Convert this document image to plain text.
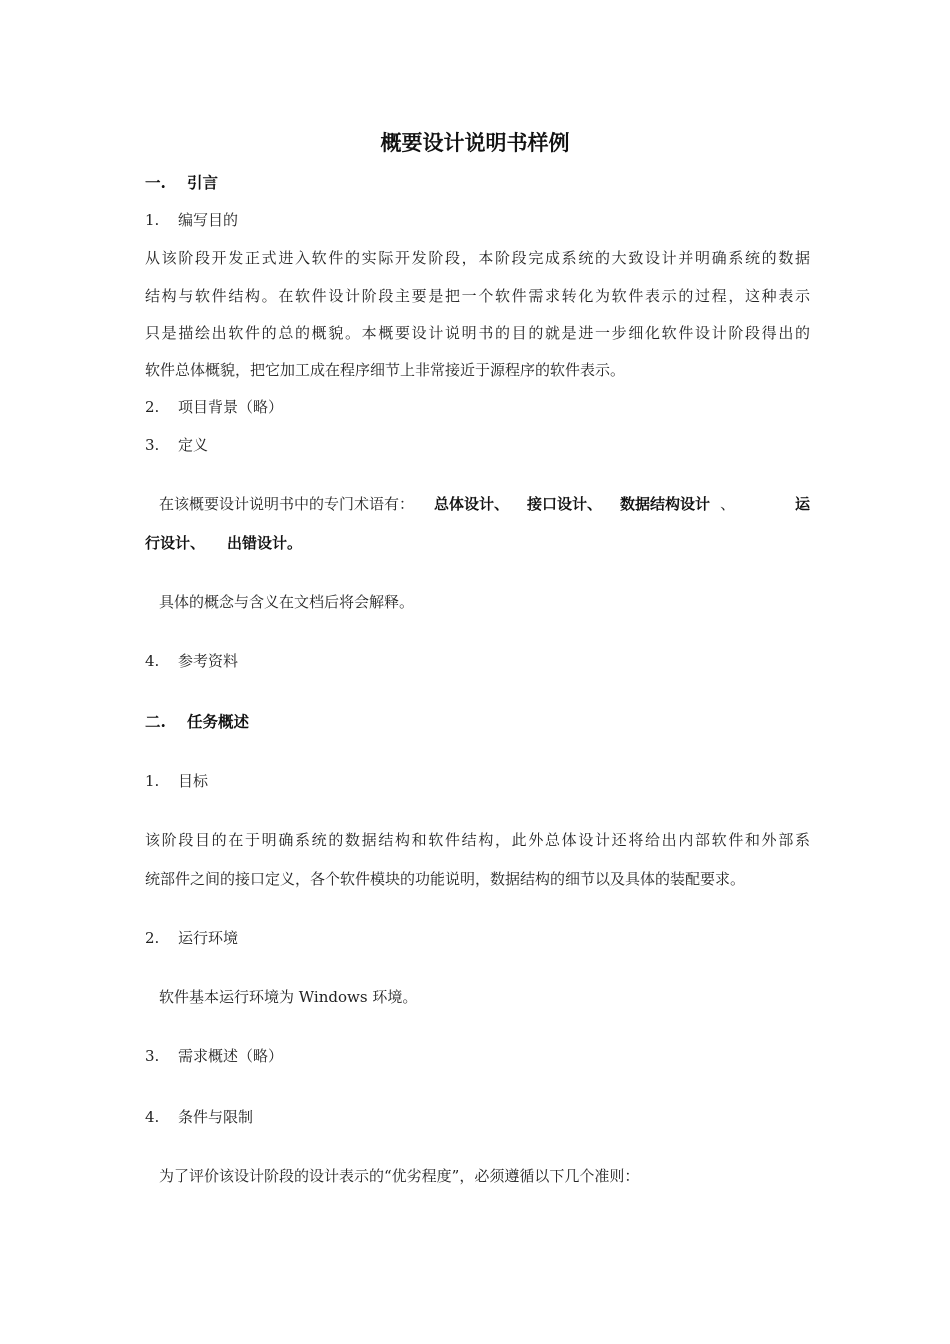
概要设计说明书样例
一. 引言
1. 编写目的
从该阶段开发正式进入软件的实际开发阶段，本阶段完成系统的大致设计并明确系统的数据
结构与软件结构。在软件设计阶段主要是把一个软件需求转化为软件表示的过程，这种表示
只是描绘出软件的总的概貌。本概要设计说明书的目的就是进一步细化软件设计阶段得出的
软件总体概貌，把它加工成在程序细节上非常接近于源程序的软件表示。
2. 项目背景（略）
3. 定义
在该概要设计说明书中的专门术语有： 总体设计、 接口设计、 数据结构设计 、	运
行设计、 出错设计。
具体的概念与含义在文档后将会解释。
4. 参考资料
二. 任务概述
1. 目标
该阶段目的在于明确系统的数据结构和软件结构，此外总体设计还将给出内部软件和外部系
统部件之间的接口定义，各个软件模块的功能说明，数据结构的细节以及具体的装配要求。
2. 运行环境
软件基本运行环境为 Windows 环境。
3. 需求概述（略）
4. 条件与限制
为了评价该设计阶段的设计表示的“优劣程度”，必须遵循以下几个准则：
